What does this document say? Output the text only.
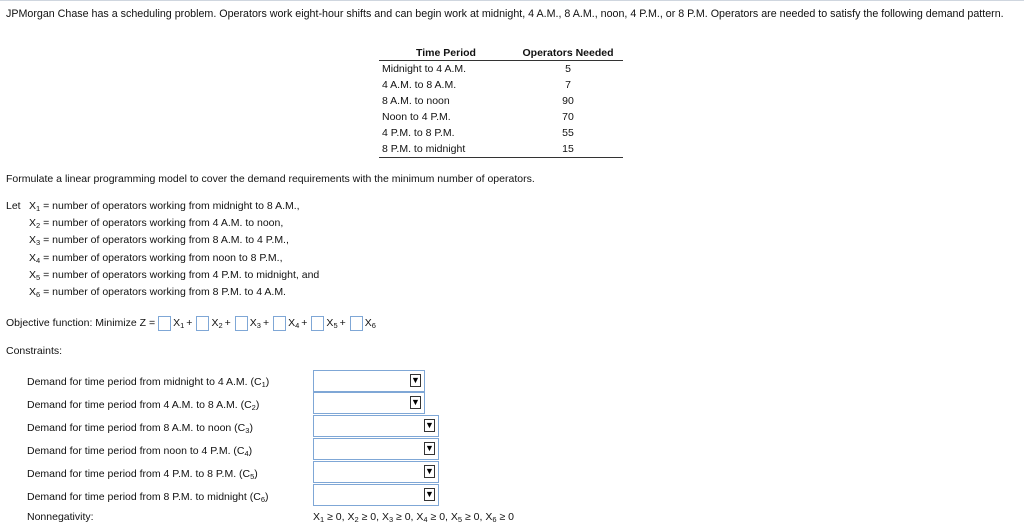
JPMorgan Chase has a scheduling problem. Operators work eight-hour shifts and can begin work at midnight, 4 A.M., 8 A.M., noon, 4 P.M., or 8 P.M. Operators are needed to satisfy the following demand pattern.
Time Period	Operators Needed
Midnight to 4 A.M.	5
4 A.M. to 8 A.M.	7
8 A.M. to noon	90
Noon to 4 P.M.	70
4 P.M. to 8 P.M.	55
8 P.M. to midnight	15
Formulate a linear programming model to cover the demand requirements with the minimum number of operators.
Let $X_1$ = number of operators working from midnight to 8 A.M.,
$X_2$ = number of operators working from 4 A.M. to noon,
$X_3$ = number of operators working from 8 A.M. to 4 P.M.,
$X_4$ = number of operators working from noon to 8 P.M.,
$X_5$ = number of operators working from 4 P.M. to midnight, and
$X_6$ = number of operators working from 8 P.M. to 4 A.M.
Objective function: Minimize $Z = X_1 + X_2 + X_3 + X_4 + X_5 + X_6$
Constraints:
Demand for time period from midnight to 4 A.M. $(C_1)$	▼
Demand for time period from 4 A.M. to 8 A.M. $(C_2)$	▼
Demand for time period from 8 A.M. to noon $(C_3)$	▼
Demand for time period from noon to 4 P.M. $(C_4)$	▼
Demand for time period from 4 P.M. to 8 P.M. $(C_5)$	▼
Demand for time period from 8 P.M. to midnight $(C_6)$	▼
Nonnegativity:	$X_1 \ge 0$, $X_2 \ge 0$, $X_3 \ge 0$, $X_4 \ge 0$, $X_5 \ge 0$, $X_6 \ge 0$
